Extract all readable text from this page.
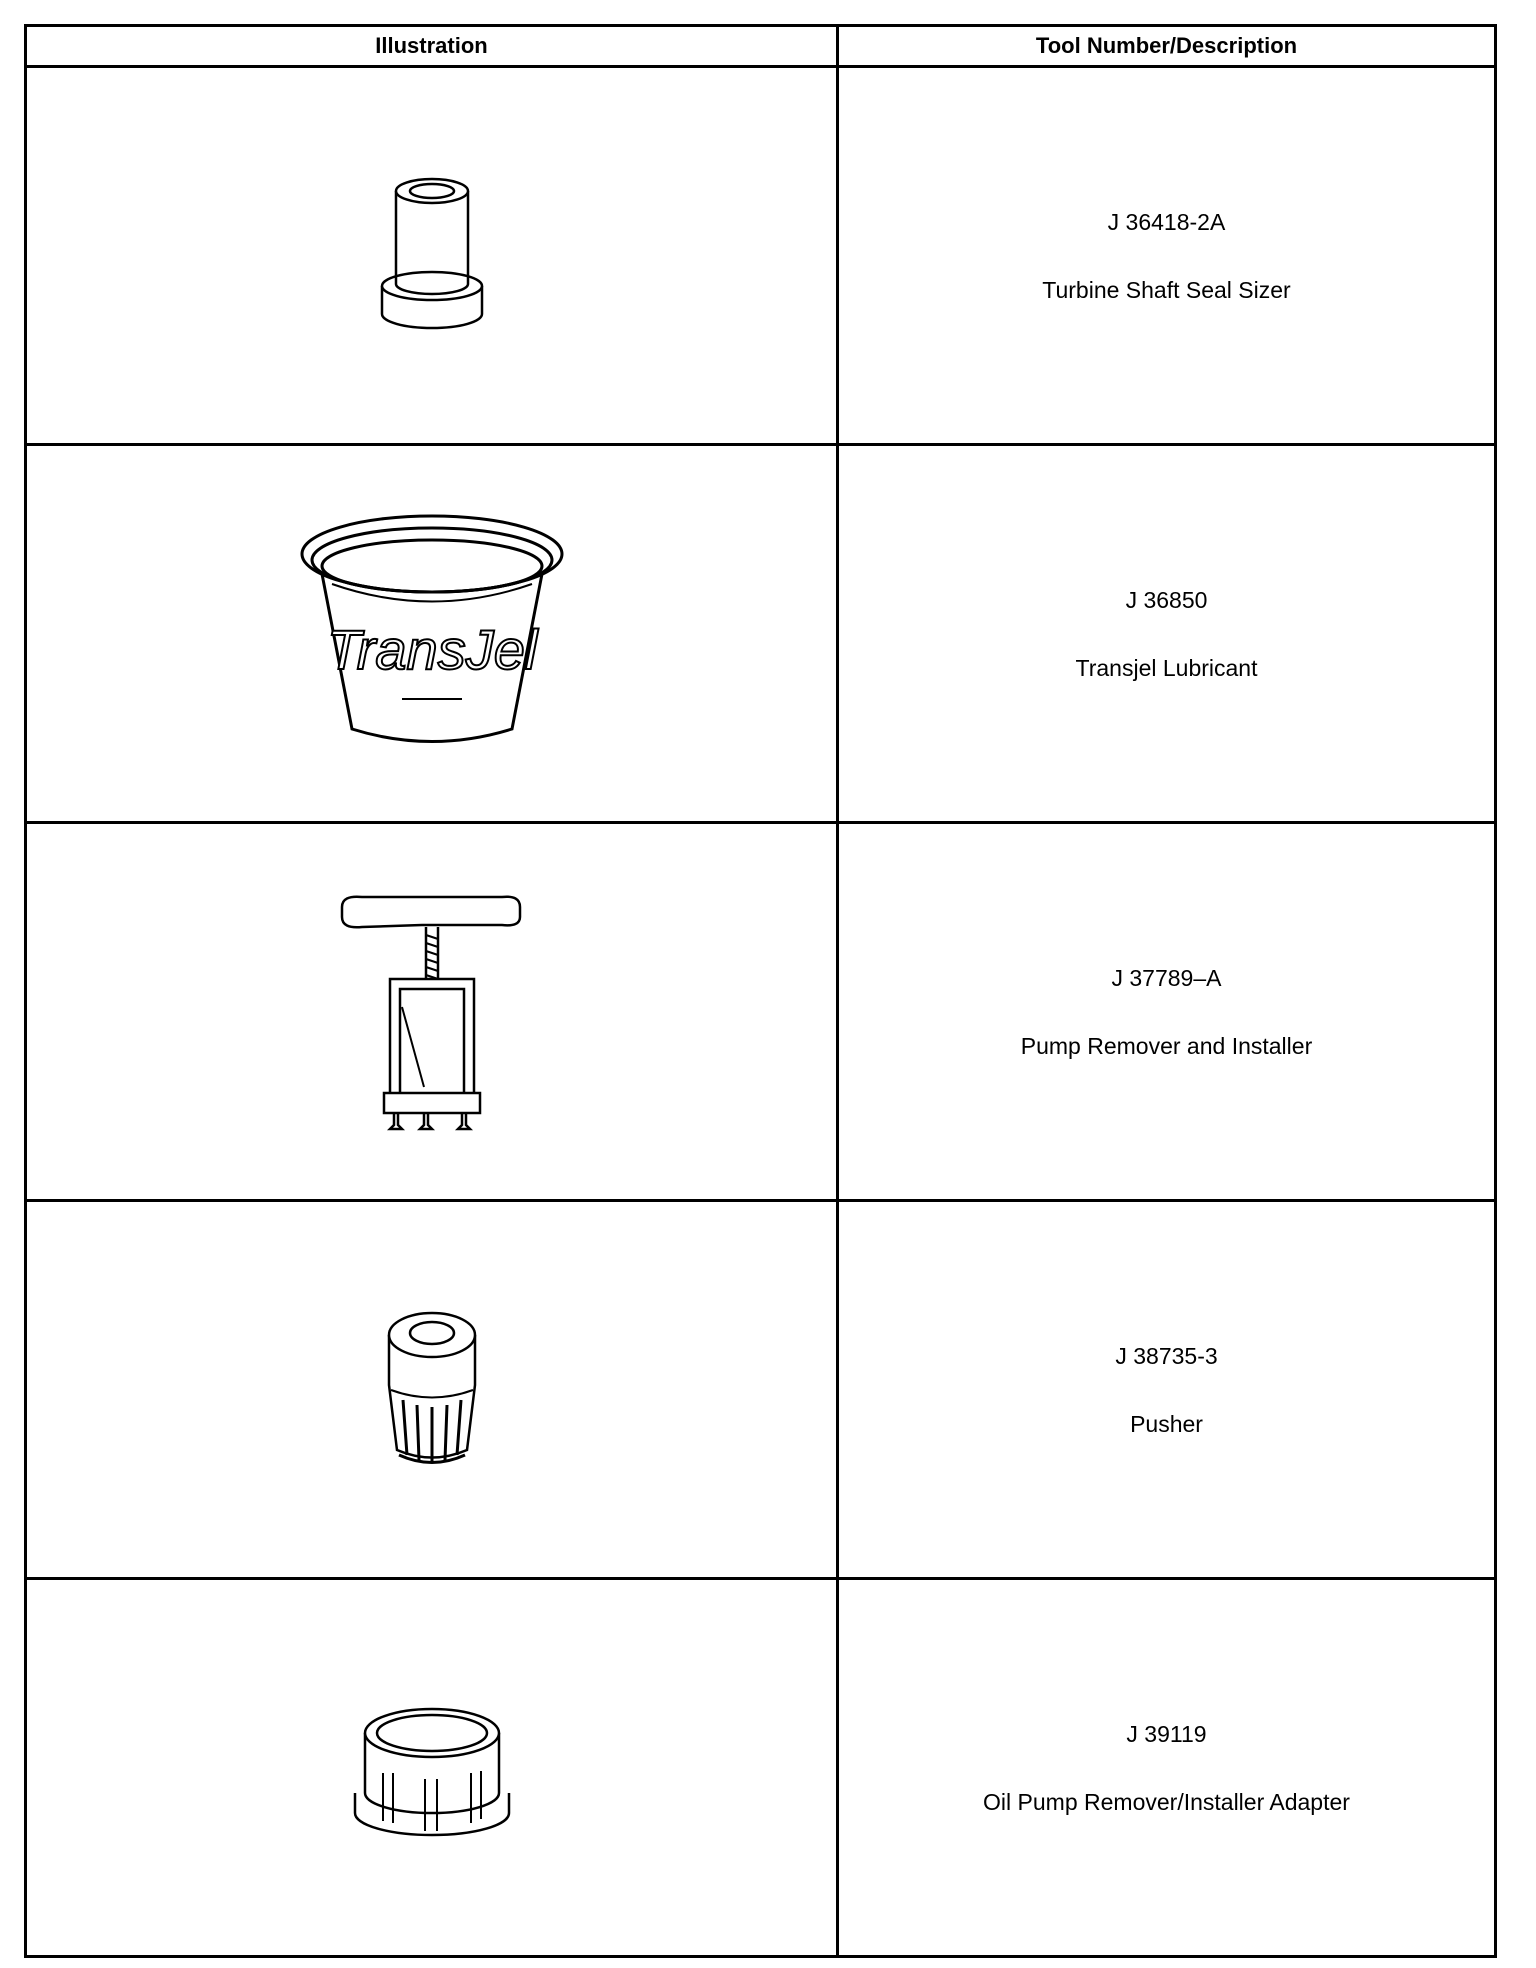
Illustration	Tool Number/Description

J 36418-2A
Turbine Shaft Seal Sizer

TransJel	J 36850
Transjel Lubricant

J 37789–A
Pump Remover and Installer

J 38735-3
Pusher

J 39119
Oil Pump Remover/Installer Adapter
